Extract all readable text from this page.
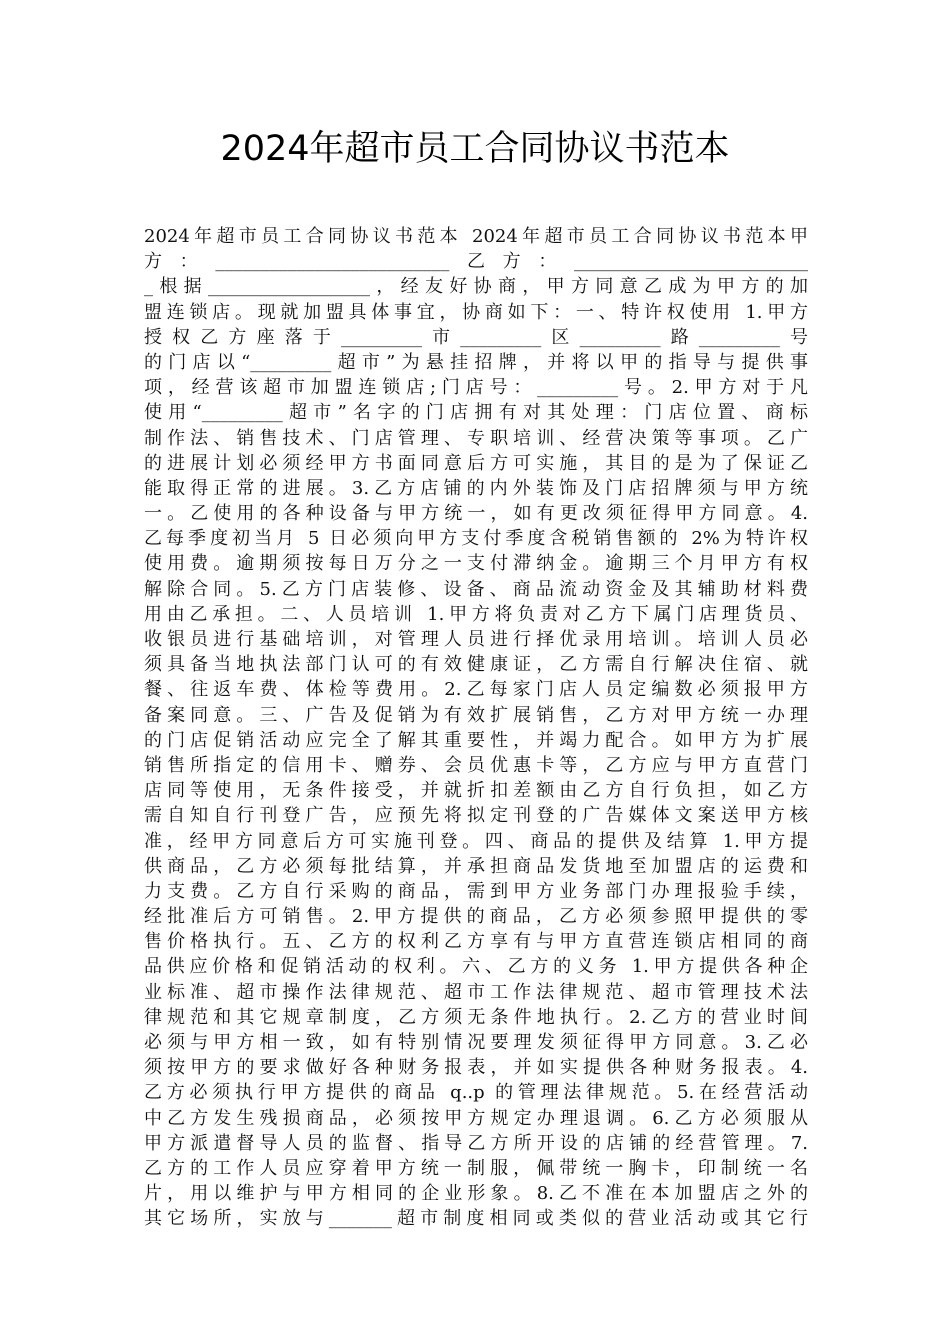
2024年超市员工合同协议书范本
2024年超市员工合同协议书范本 2024年超市员工合同协议书范本甲
方：__________________________乙方：__________________________
_根据__________________，经友好协商，甲方同意乙成为甲方的加
盟连锁店。现就加盟具体事宜，协商如下：一、特许权使用 1.甲方
授权乙方座落于_________市_________区_________路_________号
的门店以“_________超市”为悬挂招牌，并将以甲的指导与提供事
项，经营该超市加盟连锁店;门店号：_________号。2.甲方对于凡
使用“_________超市”名字的门店拥有对其处理：门店位置、商标
制作法、销售技术、门店管理、专职培训、经营决策等事项。乙广
的进展计划必须经甲方书面同意后方可实施，其目的是为了保证乙
能取得正常的进展。3.乙方店铺的内外装饰及门店招牌须与甲方统
一。乙使用的各种设备与甲方统一，如有更改须征得甲方同意。4.
乙每季度初当月 5 日必须向甲方支付季度含税销售额的 2%为特许权
使用费。逾期须按每日万分之一支付滞纳金。逾期三个月甲方有权
解除合同。5.乙方门店装修、设备、商品流动资金及其辅助材料费
用由乙承担。二、人员培训 1.甲方将负责对乙方下属门店理货员、
收银员进行基础培训，对管理人员进行择优录用培训。培训人员必
须具备当地执法部门认可的有效健康证，乙方需自行解决住宿、就
餐、往返车费、体检等费用。2.乙每家门店人员定编数必须报甲方
备案同意。三、广告及促销为有效扩展销售，乙方对甲方统一办理
的门店促销活动应完全了解其重要性，并竭力配合。如甲方为扩展
销售所指定的信用卡、赠券、会员优惠卡等，乙方应与甲方直营门
店同等使用，无条件接受，并就折扣差额由乙方自行负担，如乙方
需自知自行刊登广告，应预先将拟定刊登的广告媒体文案送甲方核
准，经甲方同意后方可实施刊登。四、商品的提供及结算 1.甲方提
供商品，乙方必须每批结算，并承担商品发货地至加盟店的运费和
力支费。乙方自行采购的商品，需到甲方业务部门办理报验手续，
经批准后方可销售。2.甲方提供的商品，乙方必须参照甲提供的零
售价格执行。五、乙方的权利乙方享有与甲方直营连锁店相同的商
品供应价格和促销活动的权利。六、乙方的义务 1.甲方提供各种企
业标准、超市操作法律规范、超市工作法律规范、超市管理技术法
律规范和其它规章制度，乙方须无条件地执行。2.乙方的营业时间
必须与甲方相一致，如有特别情况要理发须征得甲方同意。3.乙必
须按甲方的要求做好各种财务报表，并如实提供各种财务报表。4.
乙方必须执行甲方提供的商品 q..p 的管理法律规范。5.在经营活动
中乙方发生残损商品，必须按甲方规定办理退调。6.乙方必须服从
甲方派遣督导人员的监督、指导乙方所开设的店铺的经营管理。7.
乙方的工作人员应穿着甲方统一制服，佩带统一胸卡，印制统一名
片，用以维护与甲方相同的企业形象。8.乙不准在本加盟店之外的
其它场所，实放与_______超市制度相同或类似的营业活动或其它行
